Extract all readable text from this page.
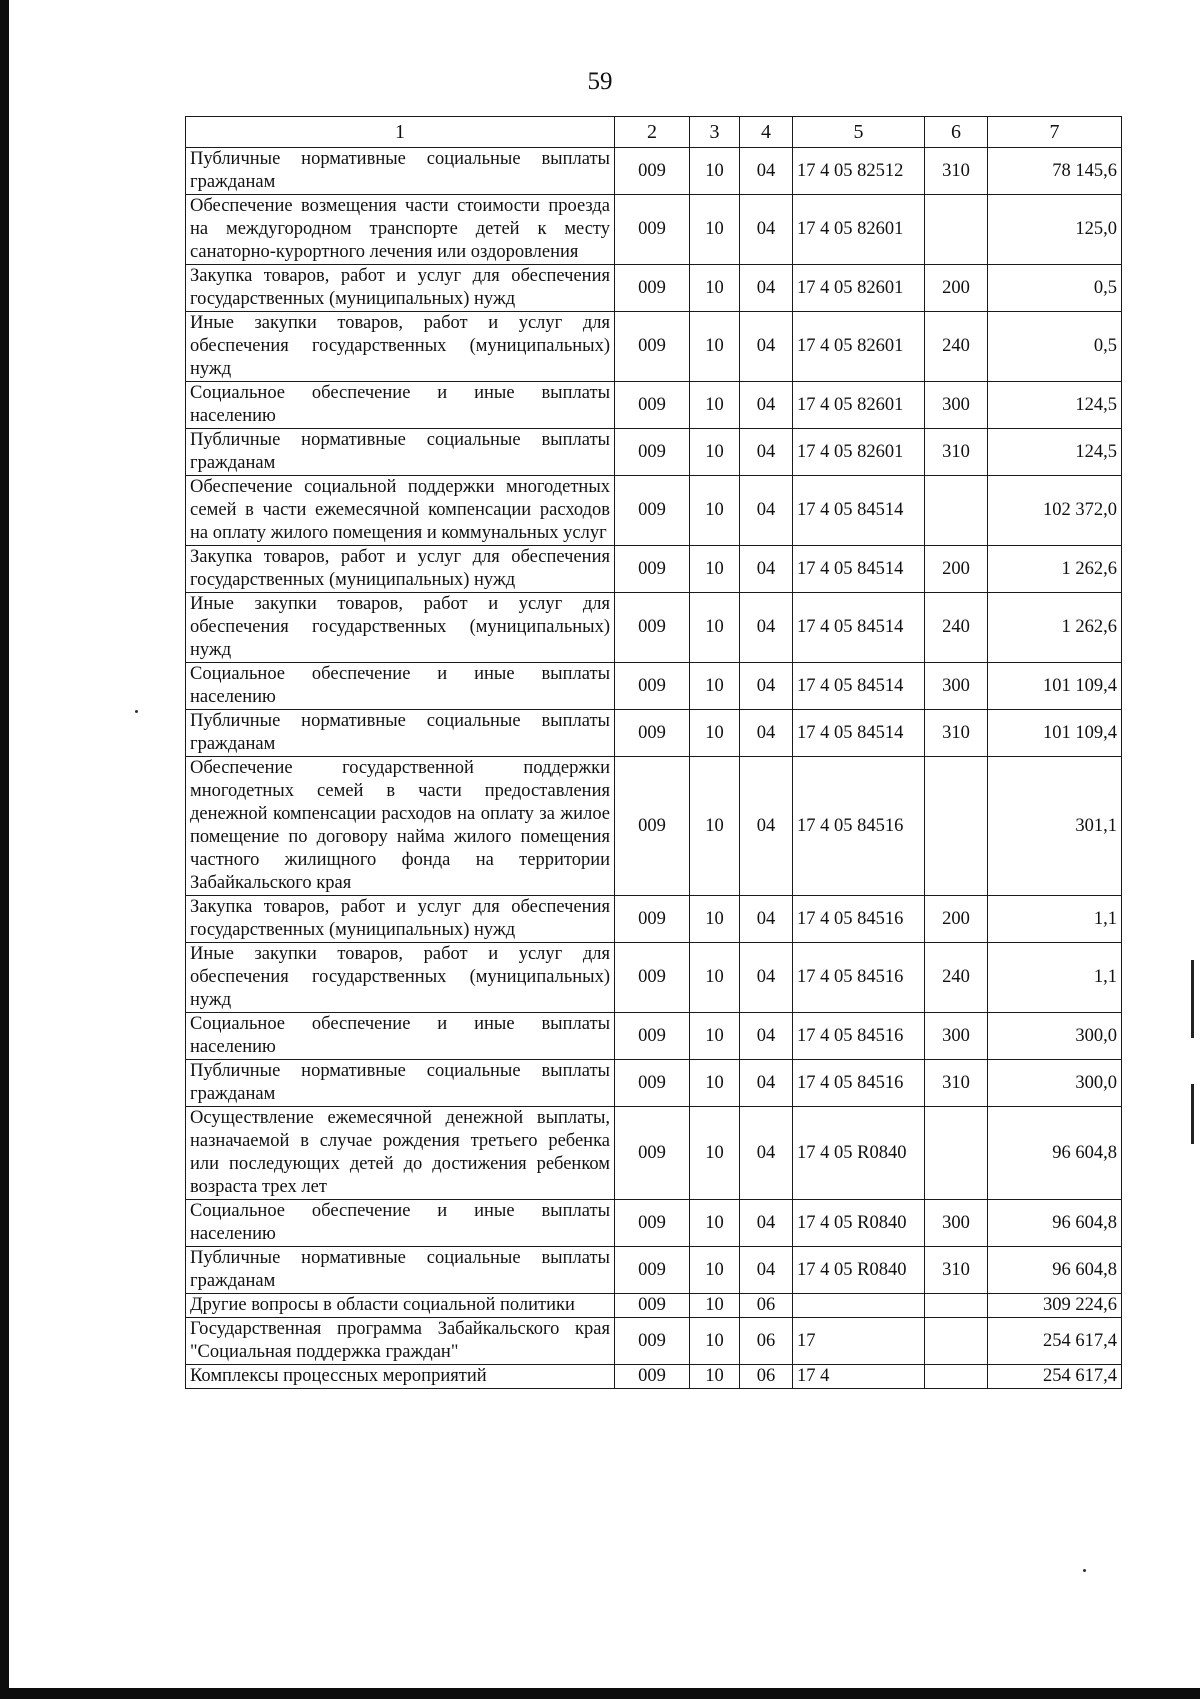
59
1	2	3	4	5	6	7
Публичные нормативные социальные выплаты гражданам	009	10	04	17 4 05 82512	310	78 145,6
Обеспечение возмещения части стоимости проезда на междугородном транспорте детей к месту санаторно-курортного лечения или оздоровления	009	10	04	17 4 05 82601		125,0
Закупка товаров, работ и услуг для обеспечения государственных (муниципальных) нужд	009	10	04	17 4 05 82601	200	0,5
Иные закупки товаров, работ и услуг для обеспечения государственных (муниципальных) нужд	009	10	04	17 4 05 82601	240	0,5
Социальное обеспечение и иные выплаты населению	009	10	04	17 4 05 82601	300	124,5
Публичные нормативные социальные выплаты гражданам	009	10	04	17 4 05 82601	310	124,5
Обеспечение социальной поддержки многодетных семей в части ежемесячной компенсации расходов на оплату жилого помещения и коммунальных услуг	009	10	04	17 4 05 84514		102 372,0
Закупка товаров, работ и услуг для обеспечения государственных (муниципальных) нужд	009	10	04	17 4 05 84514	200	1 262,6
Иные закупки товаров, работ и услуг для обеспечения государственных (муниципальных) нужд	009	10	04	17 4 05 84514	240	1 262,6
Социальное обеспечение и иные выплаты населению	009	10	04	17 4 05 84514	300	101 109,4
Публичные нормативные социальные выплаты гражданам	009	10	04	17 4 05 84514	310	101 109,4
Обеспечение государственной поддержки многодетных семей в части предоставления денежной компенсации расходов на оплату за жилое помещение по договору найма жилого помещения частного жилищного фонда на территории Забайкальского края	009	10	04	17 4 05 84516		301,1
Закупка товаров, работ и услуг для обеспечения государственных (муниципальных) нужд	009	10	04	17 4 05 84516	200	1,1
Иные закупки товаров, работ и услуг для обеспечения государственных (муниципальных) нужд	009	10	04	17 4 05 84516	240	1,1
Социальное обеспечение и иные выплаты населению	009	10	04	17 4 05 84516	300	300,0
Публичные нормативные социальные выплаты гражданам	009	10	04	17 4 05 84516	310	300,0
Осуществление ежемесячной денежной выплаты, назначаемой в случае рождения третьего ребенка или последующих детей до достижения ребенком возраста трех лет	009	10	04	17 4 05 R0840		96 604,8
Социальное обеспечение и иные выплаты населению	009	10	04	17 4 05 R0840	300	96 604,8
Публичные нормативные социальные выплаты гражданам	009	10	04	17 4 05 R0840	310	96 604,8
Другие вопросы в области социальной политики	009	10	06			309 224,6
Государственная программа Забайкальского края "Социальная поддержка граждан"	009	10	06	17		254 617,4
Комплексы процессных мероприятий	009	10	06	17 4		254 617,4
